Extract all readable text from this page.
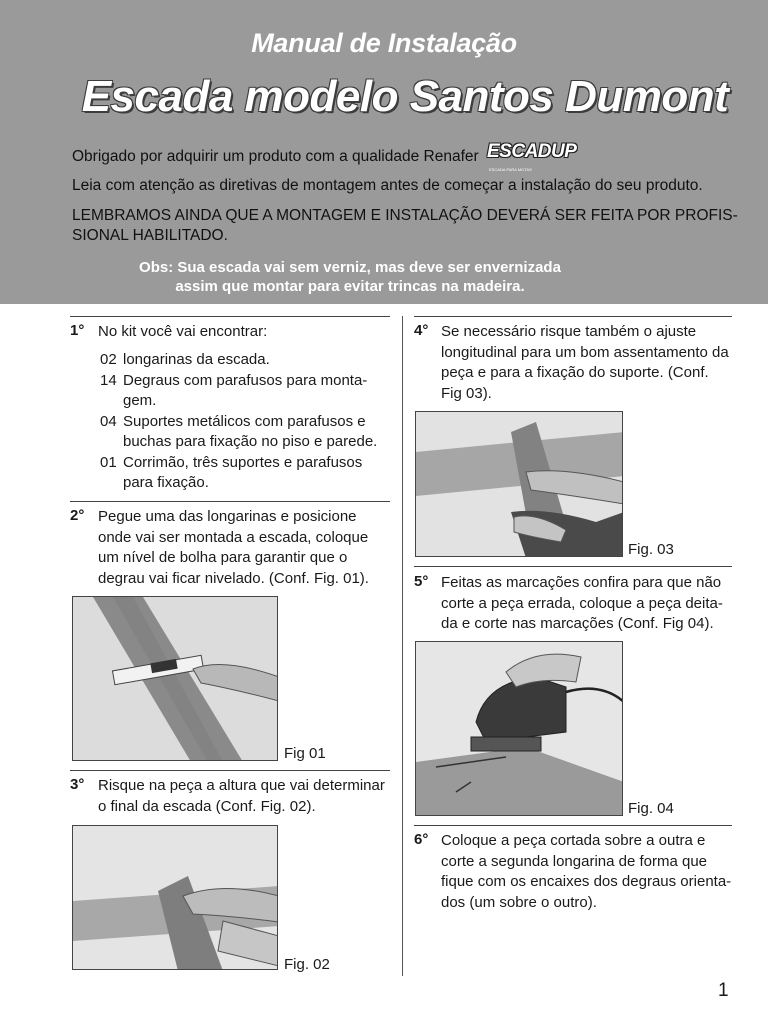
Manual de Instalação
Escada modelo Santos Dumont
Obrigado por adquirir um produto com a qualidade Renafer ESCADUP
ESCADA PARA MOTAS
Leia com atenção as diretivas de montagem antes de começar a instalação do seu produto.
LEMBRAMOS AINDA QUE A MONTAGEM E INSTALAÇÃO DEVERÁ SER FEITA POR PROFIS-SIONAL HABILITADO.
Obs: Sua escada vai sem verniz, mas deve ser envernizada
assim que montar para evitar trincas na madeira.
1° No kit você vai encontrar:
02 longarinas da escada.
14 Degraus com parafusos para monta-gem.
04 Suportes metálicos com parafusos e buchas para fixação no piso e parede.
01 Corrimão, três suportes e parafusos para fixação.
2° Pegue uma das longarinas e posicione onde vai ser montada a escada, coloque um nível de bolha para garantir que o degrau vai ficar nivelado. (Conf. Fig. 01).
Fig 01
3° Risque na peça a altura que vai determinar o final da escada (Conf. Fig. 02).
Fig. 02
4° Se necessário risque também o ajuste longitudinal para um bom assentamento da peça e para a fixação do suporte. (Conf. Fig 03).
Fig. 03
5° Feitas as marcações confira para que não corte a peça errada, coloque a peça deita-da e corte nas marcações (Conf. Fig 04).
Fig. 04
6° Coloque a peça cortada sobre a outra e corte a segunda longarina de forma que fique com os encaixes dos degraus orienta-dos (um sobre o outro).
1
